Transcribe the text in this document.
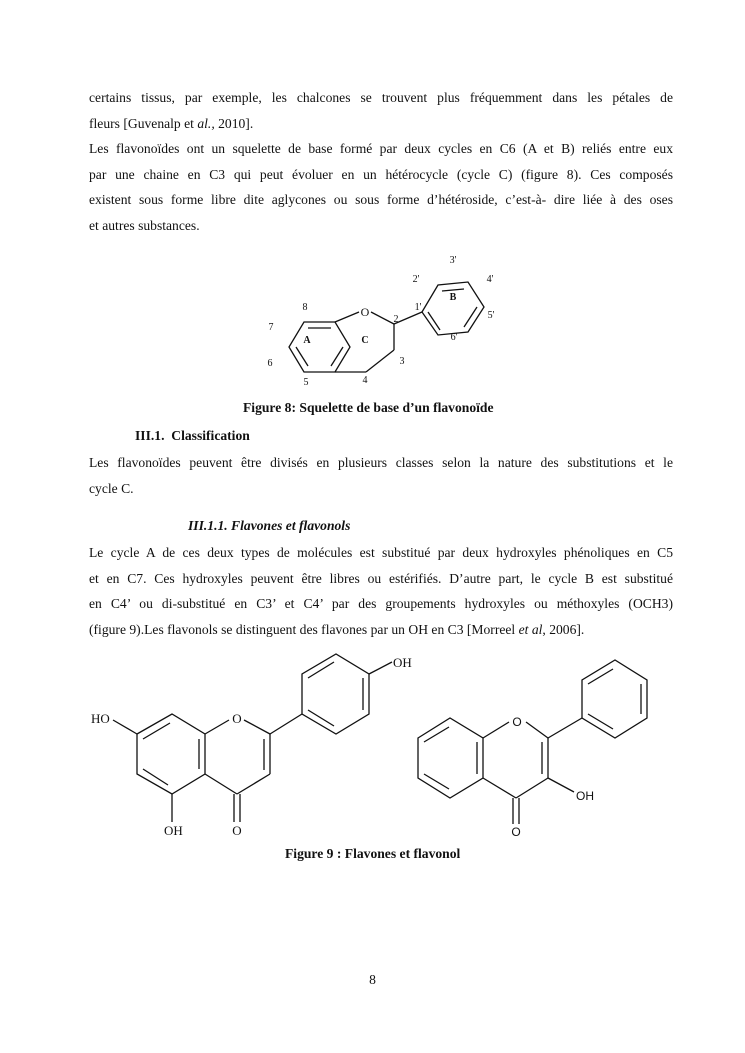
certains tissus, par exemple, les chalcones se trouvent plus fréquemment dans les pétales de
fleurs [Guvenalp et al., 2010].
Les flavonoïdes ont un squelette de base formé par deux cycles en C6 (A et B) reliés entre eux
par une chaine en C3 qui peut évoluer en un hétérocycle (cycle C) (figure 8). Ces composés
existent sous forme libre dite aglycones ou sous forme d’hétéroside, c’est-à- dire liée à des oses
et autres substances.
O
8
7
6
5	4
3
2
A	C
B
1'
2'
3'
4'
5'
6'
Figure 8: Squelette de base d’un flavonoïde
III.1. Classification
Les flavonoïdes peuvent être divisés en plusieurs classes selon la nature des substitutions et le
cycle C.
III.1.1. Flavones et flavonols
Le cycle A de ces deux types de molécules est substitué par deux hydroxyles phénoliques en C5
et en C7. Ces hydroxyles peuvent être libres ou estérifiés. D’autre part, le cycle B est substitué
en C4’ ou di-substitué en C3’ et C4’ par des groupements hydroxyles ou méthoxyles (OCH3)
(figure 9).Les flavonols se distinguent des flavones par un OH en C3 [Morreel et al, 2006].
OH
HO
OH
O
O
O
OH
O
Figure 9 : Flavones et flavonol
8
